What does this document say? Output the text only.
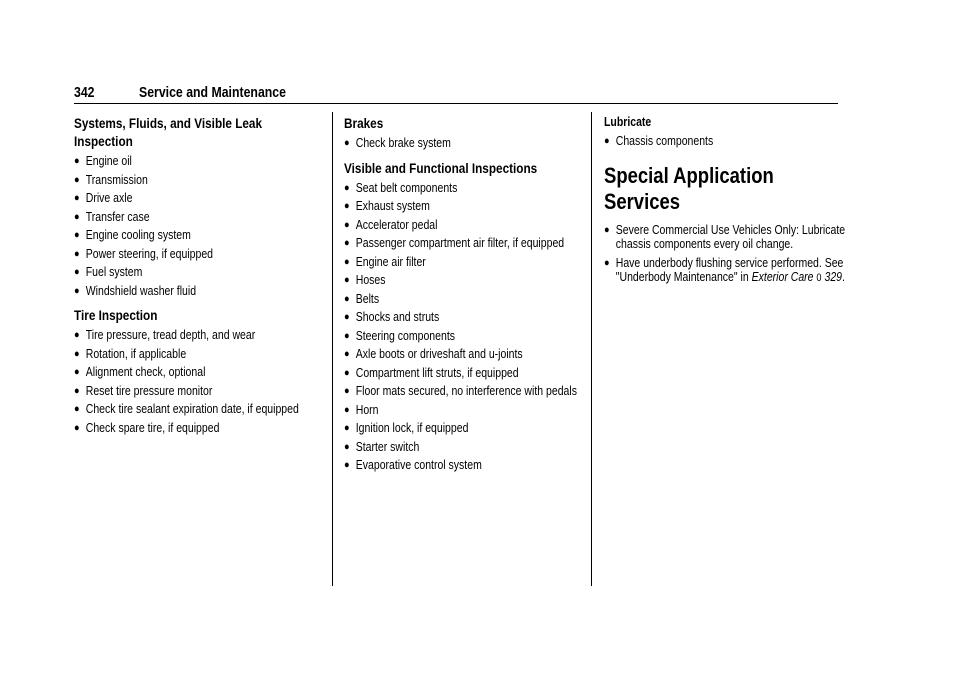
342	Service and Maintenance
Systems, Fluids, and Visible Leak Inspection
● Engine oil
● Transmission
● Drive axle
● Transfer case
● Engine cooling system
● Power steering, if equipped
● Fuel system
● Windshield washer fluid
Tire Inspection
● Tire pressure, tread depth, and wear
● Rotation, if applicable
● Alignment check, optional
● Reset tire pressure monitor
● Check tire sealant expiration date, if equipped
● Check spare tire, if equipped
Brakes
● Check brake system
Visible and Functional Inspections
● Seat belt components
● Exhaust system
● Accelerator pedal
● Passenger compartment air filter, if equipped
● Engine air filter
● Hoses
● Belts
● Shocks and struts
● Steering components
● Axle boots or driveshaft and u-joints
● Compartment lift struts, if equipped
● Floor mats secured, no interference with pedals
● Horn
● Ignition lock, if equipped
● Starter switch
● Evaporative control system
Lubricate
● Chassis components
Special Application Services
● Severe Commercial Use Vehicles Only: Lubricate chassis components every oil change.
● Have underbody flushing service performed. See "Underbody Maintenance" in Exterior Care 0 329.
